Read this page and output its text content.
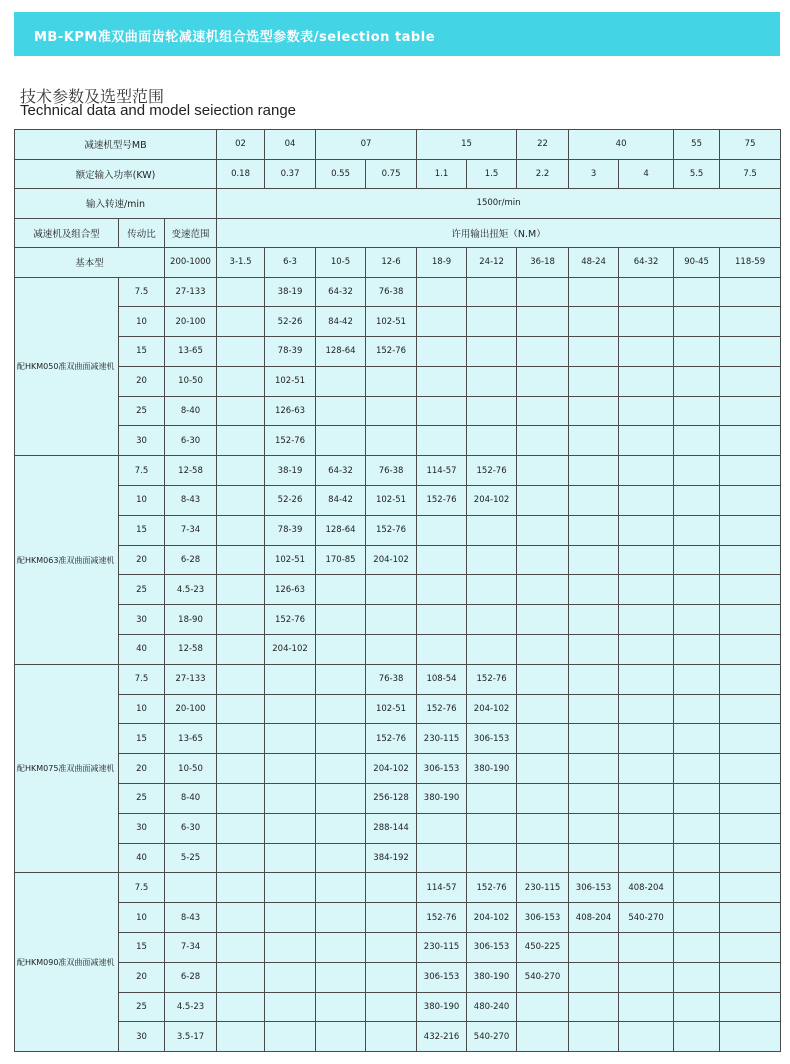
MB-KPM准双曲面齿轮减速机组合选型参数表/selection table
技术参数及选型范围
Technical data and model seiection range
减速机型号MB			02	04	07		15		22	40		55	75
额定输入功率(KW)			0.18	0.37	0.55	0.75	1.1	1.5	2.2	3	4	5.5	7.5
输入转速/min			1500r/min										
减速机及组合型	传动比	变速范围	许用输出扭矩（N.M）										
基本型		200-1000	3-1.5	6-3	10-5	12-6	18-9	24-12	36-18	48-24	64-32	90-45	118-59
配HKM050准双曲面减速机	7.5	27-133		38-19	64-32	76-38							
	10	20-100		52-26	84-42	102-51							
	15	13-65		78-39	128-64	152-76							
	20	10-50		102-51									
	25	8-40		126-63									
	30	6-30		152-76									
配HKM063准双曲面减速机	7.5	12-58		38-19	64-32	76-38	114-57	152-76					
	10	8-43		52-26	84-42	102-51	152-76	204-102					
	15	7-34		78-39	128-64	152-76							
	20	6-28		102-51	170-85	204-102							
	25	4.5-23		126-63									
	30	18-90		152-76									
	40	12-58		204-102									
配HKM075准双曲面减速机	7.5	27-133				76-38	108-54	152-76					
	10	20-100				102-51	152-76	204-102					
	15	13-65				152-76	230-115	306-153					
	20	10-50				204-102	306-153	380-190					
	25	8-40				256-128	380-190						
	30	6-30				288-144							
	40	5-25				384-192							
配HKM090准双曲面减速机	7.5						114-57	152-76	230-115	306-153	408-204		
	10	8-43					152-76	204-102	306-153	408-204	540-270		
	15	7-34					230-115	306-153	450-225				
	20	6-28					306-153	380-190	540-270				
	25	4.5-23					380-190	480-240					
	30	3.5-17					432-216	540-270					
